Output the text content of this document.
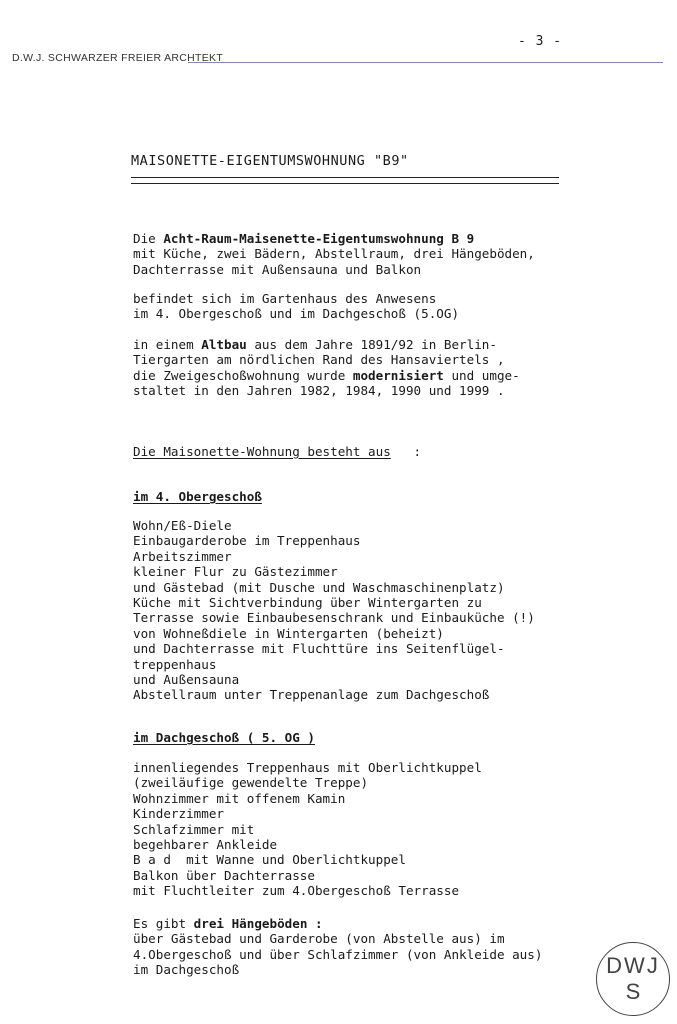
D.W.J. SCHWARZER FREIER ARCHTEKT
- 3 -
MAISONETTE-EIGENTUMSWOHNUNG "B9"
Die Acht-Raum-Maisenette-Eigentumswohnung B 9
mit Küche, zwei Bädern, Abstellraum, drei Hängeböden,
Dachterrasse mit Außensauna und Balkon
befindet sich im Gartenhaus des Anwesens
im 4. Obergeschoß und im Dachgeschoß (5.OG)
in einem Altbau aus dem Jahre 1891/92 in Berlin-
Tiergarten am nördlichen Rand des Hansaviertels ,
die Zweigeschoßwohnung wurde modernisiert und umge-
staltet in den Jahren 1982, 1984, 1990 und 1999 .
Die Maisonette-Wohnung besteht aus :
im 4. Obergeschoß
Wohn/Eß-Diele
Einbaugarderobe im Treppenhaus
Arbeitszimmer
kleiner Flur zu Gästezimmer
und Gästebad (mit Dusche und Waschmaschinenplatz)
Küche mit Sichtverbindung über Wintergarten zu
Terrasse sowie Einbaubesenschrank und Einbauküche (!)
von Wohneßdiele in Wintergarten (beheizt)
und Dachterrasse mit Fluchttüre ins Seitenflügel-
treppenhaus
und Außensauna
Abstellraum unter Treppenanlage zum Dachgeschoß
im Dachgeschoß ( 5. OG )
innenliegendes Treppenhaus mit Oberlichtkuppel
(zweiläufige gewendelte Treppe)
Wohnzimmer mit offenem Kamin
Kinderzimmer
Schlafzimmer mit
begehbarer Ankleide
B a d  mit Wanne und Oberlichtkuppel
Balkon über Dachterrasse
mit Fluchtleiter zum 4.Obergeschoß Terrasse
Es gibt drei Hängeböden :
über Gästebad und Garderobe (von Abstelle aus) im
4.Obergeschoß und über Schlafzimmer (von Ankleide aus)
im Dachgeschoß	DWJ
S
